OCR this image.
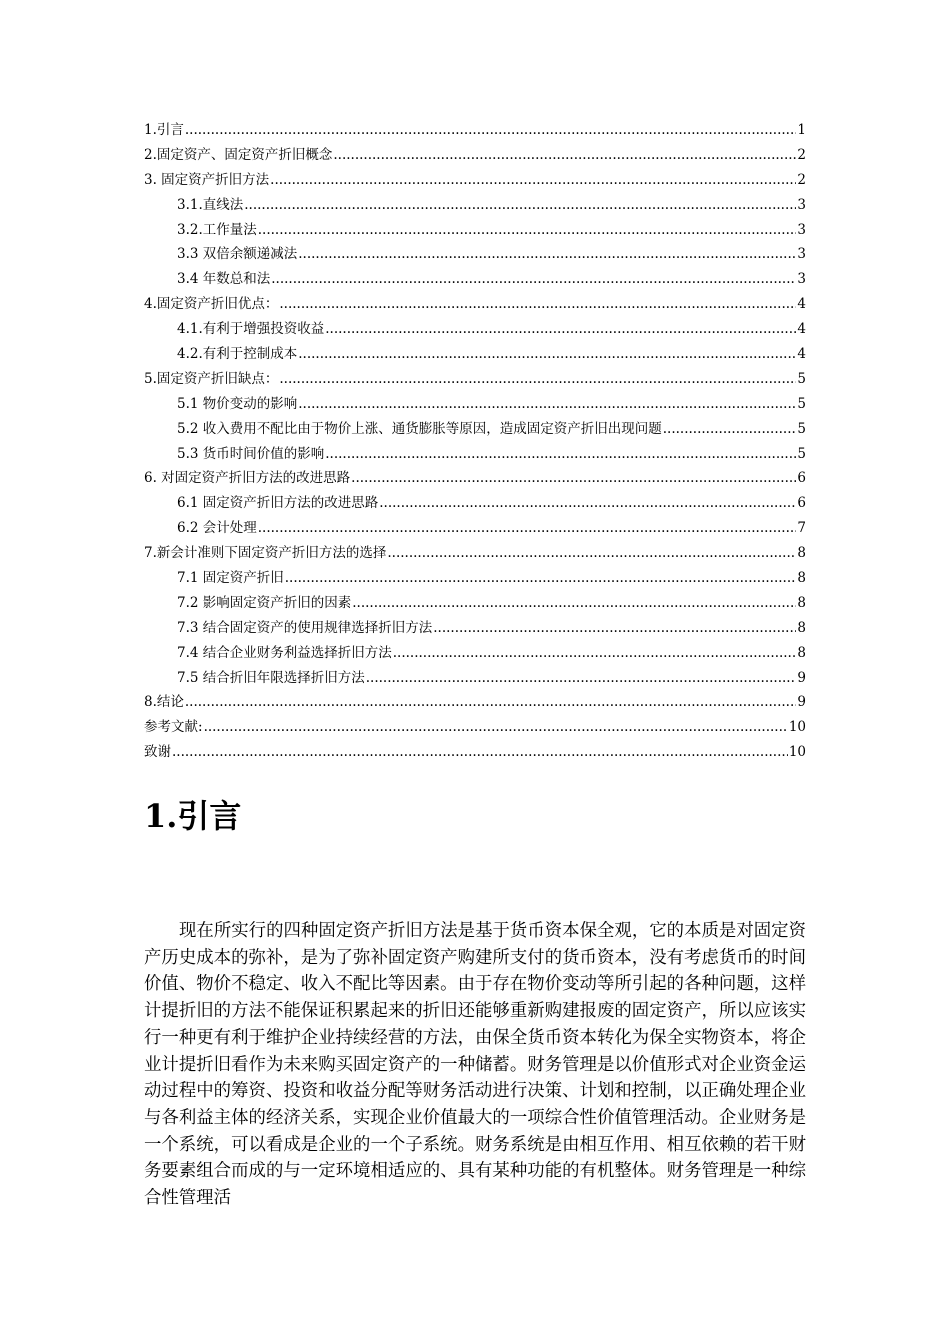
1.引言 .....	1
2.固定资产、固定资产折旧概念 .....	2
3. 固定资产折旧方法 .....	2
3.1.直线法 .....	3
3.2.工作量法 .....	3
3.3 双倍余额递减法 .....	3
3.4 年数总和法 .....	3
4.固定资产折旧优点： .....	4
4.1.有利于增强投资收益 .....	4
4.2.有利于控制成本 .....	4
5.固定资产折旧缺点： .....	5
5.1 物价变动的影响 .....	5
5.2 收入费用不配比由于物价上涨、通货膨胀等原因，造成固定资产折旧出现问题 .....	5
5.3 货币时间价值的影响 .....	5
6. 对固定资产折旧方法的改进思路 .....	6
6.1 固定资产折旧方法的改进思路 .....	6
6.2 会计处理 .....	7
7.新会计准则下固定资产折旧方法的选择 .....	8
7.1 固定资产折旧 .....	8
7.2 影响固定资产折旧的因素 .....	8
7.3 结合固定资产的使用规律选择折旧方法 .....	8
7.4 结合企业财务利益选择折旧方法 .....	8
7.5 结合折旧年限选择折旧方法 .....	9
8.结论 .....	9
参考文献: .....	10
致谢 .....	10
1.引言

现在所实行的四种固定资产折旧方法是基于货币资本保全观，它的本质是对固定资产历史成本的弥补，是为了弥补固定资产购建所支付的货币资本，没有考虑货币的时间价值、物价不稳定、收入不配比等因素。由于存在物价变动等所引起的各种问题，这样计提折旧的方法不能保证积累起来的折旧还能够重新购建报废的固定资产，所以应该实行一种更有利于维护企业持续经营的方法，由保全货币资本转化为保全实物资本，将企业计提折旧看作为未来购买固定资产的一种储蓄。财务管理是以价值形式对企业资金运动过程中的筹资、投资和收益分配等财务活动进行决策、计划和控制，以正确处理企业与各利益主体的经济关系，实现企业价值最大的一项综合性价值管理活动。企业财务是一个系统，可以看成是企业的一个子系统。财务系统是由相互作用、相互依赖的若干财务要素组合而成的与一定环境相适应的、具有某种功能的有机整体。财务管理是一种综合性管理活
